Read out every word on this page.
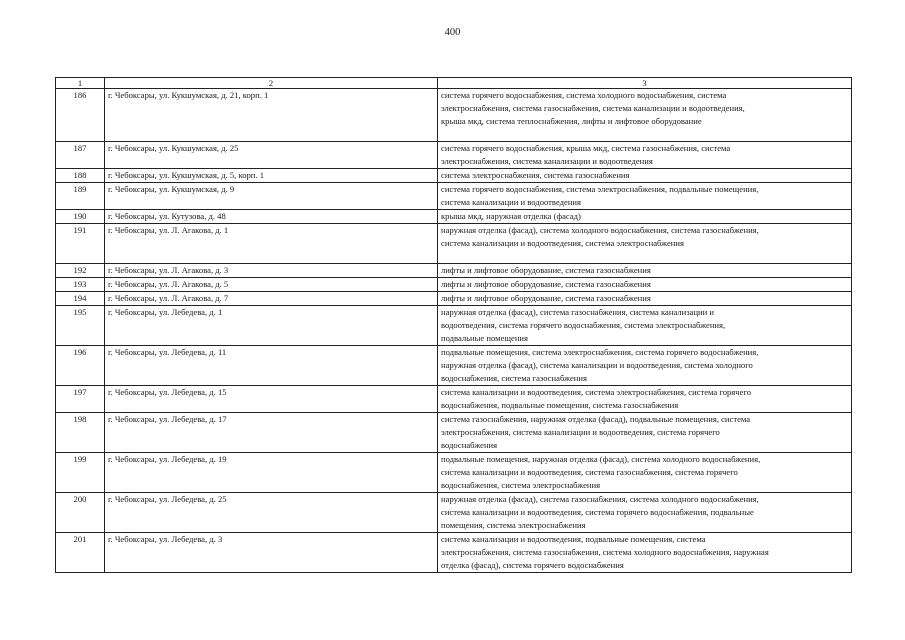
400
1	2	3
186	г. Чебоксары, ул. Кукшумская, д. 21, корп. 1	система горячего водоснабжения, система холодного водоснабжения, система
электроснабжения, система газоснабжения, система канализации и водоотведения,
крыша мкд, система теплоснабжения, лифты и лифтовое оборудование

187	г. Чебоксары, ул. Кукшумская, д. 25	система горячего водоснабжения, крыша мкд, система газоснабжения, система
электроснабжения, система канализации и водоотведения

188	г. Чебоксары, ул. Кукшумская, д. 5, корп. 1	система электроснабжения, система газоснабжения

189	г. Чебоксары, ул. Кукшумская, д. 9	система горячего водоснабжения, система электроснабжения, подвальные помещения,
система канализации и водоотведения

190	г. Чебоксары, ул. Кутузова, д. 48	крыша мкд, наружная отделка (фасад)

191	г. Чебоксары, ул. Л. Агакова, д. 1	наружная отделка (фасад), система холодного водоснабжения, система газоснабжения,
система канализации и водоотведения, система электроснабжения

192	г. Чебоксары, ул. Л. Агакова, д. 3	лифты и лифтовое оборудование, система газоснабжения

193	г. Чебоксары, ул. Л. Агакова, д. 5	лифты и лифтовое оборудование, система газоснабжения

194	г. Чебоксары, ул. Л. Агакова, д. 7	лифты и лифтовое оборудование, система газоснабжения

195	г. Чебоксары, ул. Лебедева, д. 1	наружная отделка (фасад), система газоснабжения, система канализации и
водоотведения, система горячего водоснабжения, система электроснабжения,
подвальные помещения

196	г. Чебоксары, ул. Лебедева, д. 11	подвальные помещения, система электроснабжения, система горячего водоснабжения,
наружная отделка (фасад), система канализации и водоотведения, система холодного
водоснабжения, система газоснабжения

197	г. Чебоксары, ул. Лебедева, д. 15	система канализации и водоотведения, система электроснабжения, система горячего
водоснабжения, подвальные помещения, система газоснабжения

198	г. Чебоксары, ул. Лебедева, д. 17	система газоснабжения, наружная отделка (фасад), подвальные помещения, система
электроснабжения, система канализации и водоотведения, система горячего
водоснабжения

199	г. Чебоксары, ул. Лебедева, д. 19	подвальные помещения, наружная отделка (фасад), система холодного водоснабжения,
система канализации и водоотведения, система газоснабжения, система горячего
водоснабжения, система электроснабжения

200	г. Чебоксары, ул. Лебедева, д. 25	наружная отделка (фасад), система газоснабжения, система холодного водоснабжения,
система канализации и водоотведения, система горячего водоснабжения, подвальные
помещения, система электроснабжения

201	г. Чебоксары, ул. Лебедева, д. 3	система канализации и водоотведения, подвальные помещения, система
электроснабжения, система газоснабжения, система холодного водоснабжения, наружная
отделка (фасад), система горячего водоснабжения
